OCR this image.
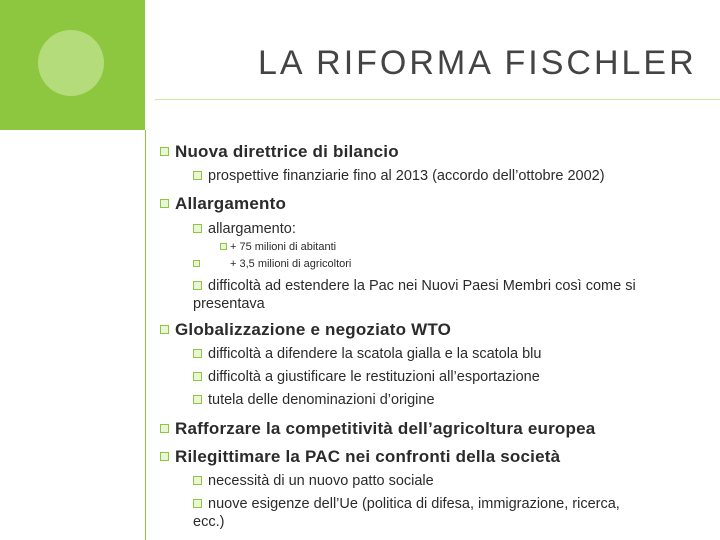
LA RIFORMA FISCHLER
Nuova direttrice di bilancio
prospettive finanziarie fino al 2013 (accordo dell’ottobre 2002)
Allargamento
allargamento:
+ 75 milioni di abitanti
+ 3,5 milioni di agricoltori
difficoltà ad estendere la Pac nei Nuovi Paesi Membri così come si
presentava
Globalizzazione e negoziato WTO
difficoltà a difendere la scatola gialla e la scatola blu
difficoltà a giustificare le restituzioni all’esportazione
tutela delle denominazioni d’origine
Rafforzare la competitività dell’agricoltura europea
Rilegittimare la PAC nei confronti della società
necessità di un nuovo patto sociale
nuove esigenze dell’Ue (politica di difesa, immigrazione, ricerca,
ecc.)
